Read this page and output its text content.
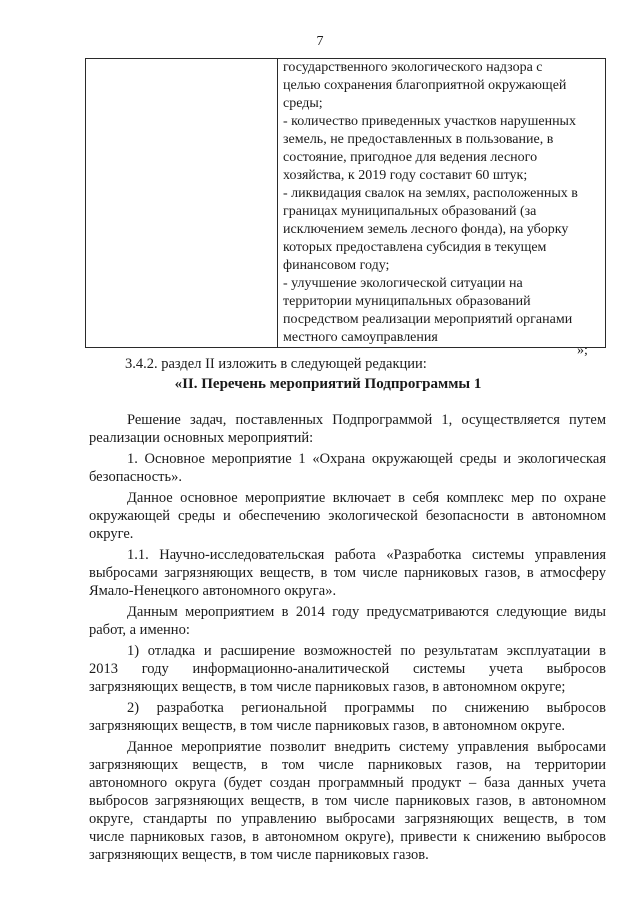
7

государственного экологического надзора с
целью сохранения благоприятной окружающей
среды;
- количество приведенных участков нарушенных
земель, не предоставленных в пользование, в
состояние, пригодное для ведения лесного
хозяйства, к 2019 году составит 60 штук;
- ликвидация свалок на землях, расположенных в
границах муниципальных образований (за
исключением земель лесного фонда), на уборку
которых предоставлена субсидия в текущем
финансовом году;
- улучшение экологической ситуации на
территории муниципальных образований
посредством реализации мероприятий органами
местного самоуправления
»;
3.4.2. раздел II изложить в следующей редакции:
«II. Перечень мероприятий Подпрограммы 1
Решение задач, поставленных Подпрограммой 1, осуществляется путем
реализации основных мероприятий:
1. Основное мероприятие 1 «Охрана окружающей среды и экологическая
безопасность».
Данное основное мероприятие включает в себя комплекс мер по охране
окружающей среды и обеспечению экологической безопасности в автономном
округе.
1.1. Научно-исследовательская работа «Разработка системы управления
выбросами загрязняющих веществ, в том числе парниковых газов, в атмосферу
Ямало-Ненецкого автономного округа».
Данным мероприятием в 2014 году предусматриваются следующие виды
работ, а именно:
1) отладка и расширение возможностей по результатам эксплуатации в
2013 году информационно-аналитической системы учета выбросов
загрязняющих веществ, в том числе парниковых газов, в автономном округе;
2) разработка региональной программы по снижению выбросов
загрязняющих веществ, в том числе парниковых газов, в автономном округе.
Данное мероприятие позволит внедрить систему управления выбросами
загрязняющих веществ, в том числе парниковых газов, на территории
автономного округа (будет создан программный продукт – база данных учета
выбросов загрязняющих веществ, в том числе парниковых газов, в автономном
округе, стандарты по управлению выбросами загрязняющих веществ, в том
числе парниковых газов, в автономном округе), привести к снижению выбросов
загрязняющих веществ, в том числе парниковых газов.
